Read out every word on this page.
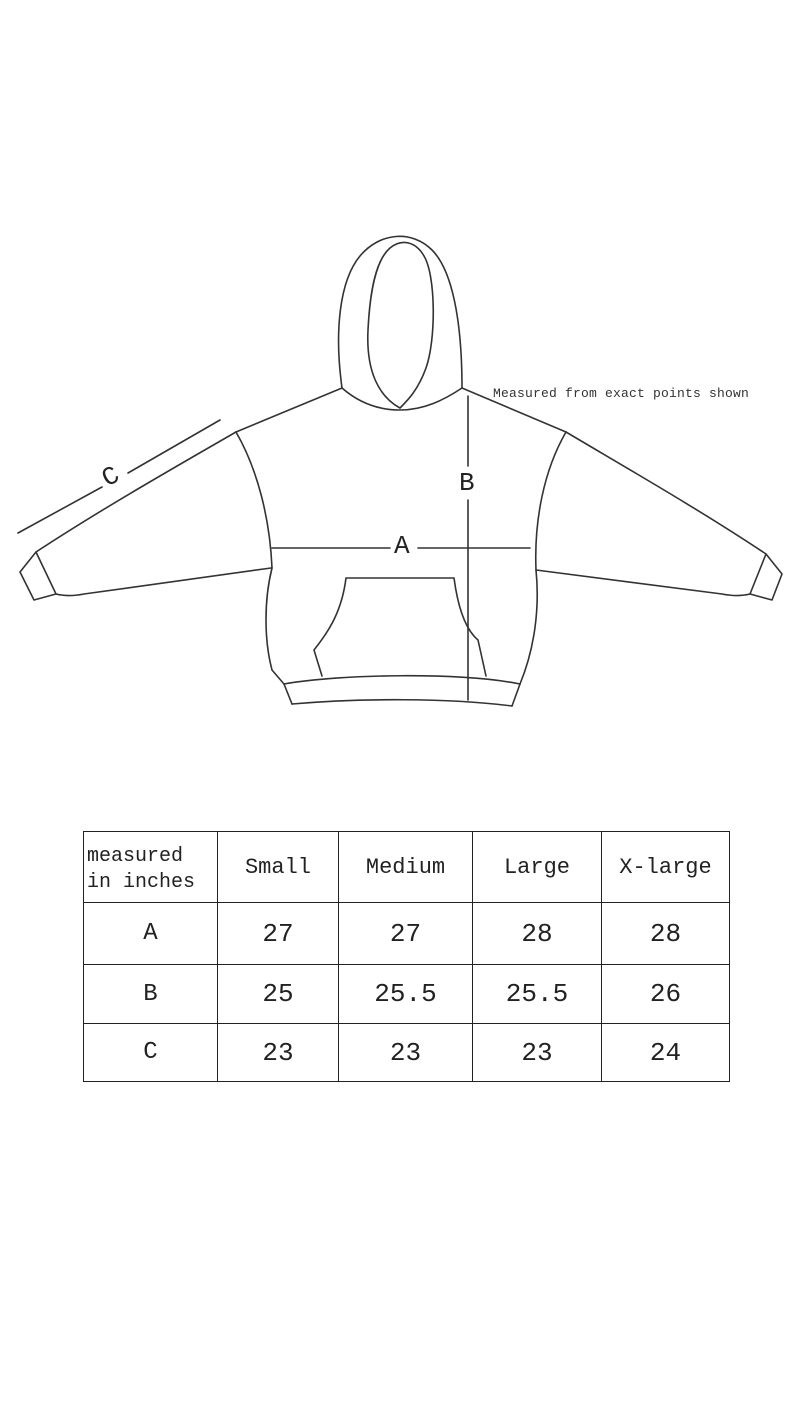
Measured from exact points shown
A
B
C
measured
in inches	Small	Medium	Large	X-large
A	27	27	28	28
B	25	25.5	25.5	26
C	23	23	23	24
